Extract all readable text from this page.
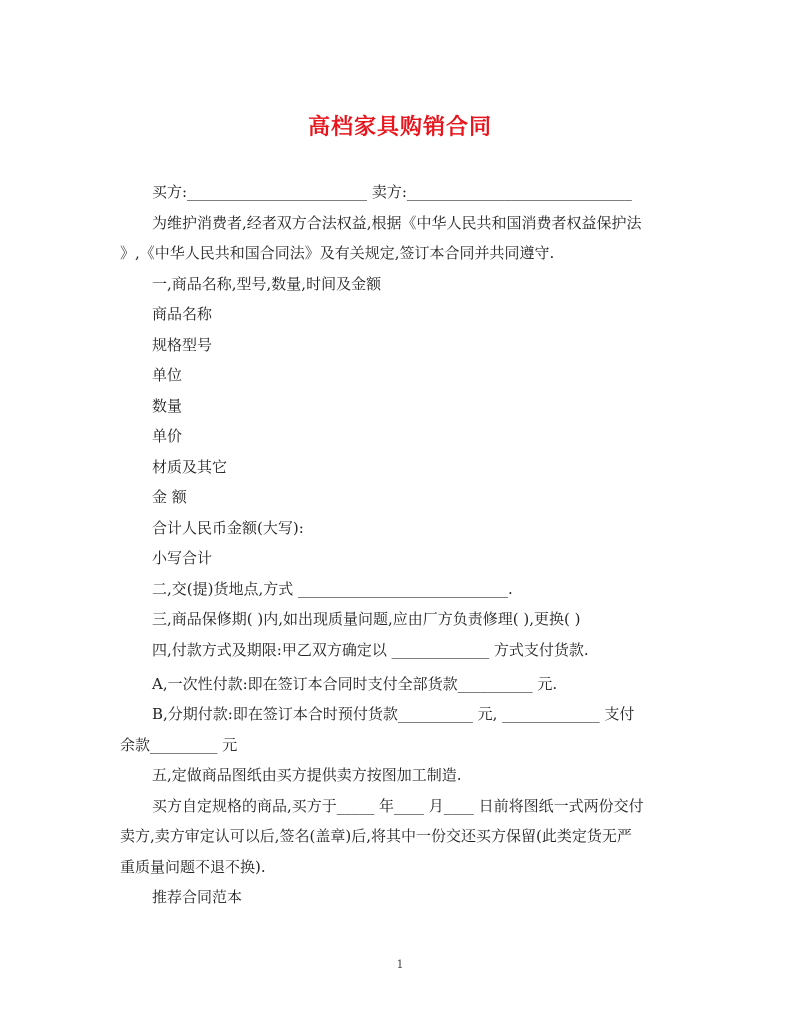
高档家具购销合同
买方:________________________ 卖方:______________________________
为维护消费者,经者双方合法权益,根据《中华人民共和国消费者权益保护法
》,《中华人民共和国合同法》及有关规定,签订本合同并共同遵守.
一,商品名称,型号,数量,时间及金额
商品名称
规格型号
单位
数量
单价
材质及其它
金 额
合计人民币金额(大写):
小写合计
二,交(提)货地点,方式 ____________________________.
三,商品保修期( )内,如出现质量问题,应由厂方负责修理( ),更换( )
四,付款方式及期限:甲乙双方确定以 _____________ 方式支付货款.
A,一次性付款:即在签订本合同时支付全部货款__________ 元.
B,分期付款:即在签订本合时预付货款__________ 元, _____________ 支付
余款_________ 元
五,定做商品图纸由买方提供卖方按图加工制造.
买方自定规格的商品,买方于_____ 年____ 月____ 日前将图纸一式两份交付
卖方,卖方审定认可以后,签名(盖章)后,将其中一份交还买方保留(此类定货无严
重质量问题不退不换).
推荐合同范本
1
